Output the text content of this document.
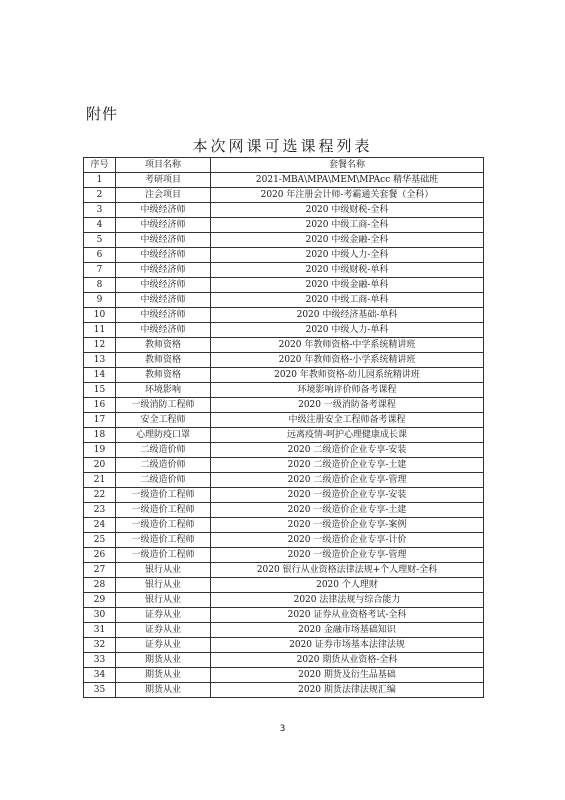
附件
本次网课可选课程列表
序号	项目名称	套餐名称
1	考研项目	2021-MBA\MPA\MEM\MPAcc 精华基础班
2	注会项目	2020 年注册会计师-考霸通关套餐（全科）
3	中级经济师	2020 中级财税-全科
4	中级经济师	2020 中级工商-全科
5	中级经济师	2020 中级金融-全科
6	中级经济师	2020 中级人力-全科
7	中级经济师	2020 中级财税-单科
8	中级经济师	2020 中级金融-单科
9	中级经济师	2020 中级工商-单科
10	中级经济师	2020 中级经济基础-单科
11	中级经济师	2020 中级人力-单科
12	教师资格	2020 年教师资格-中学系统精讲班
13	教师资格	2020 年教师资格-小学系统精讲班
14	教师资格	2020 年教师资格-幼儿园系统精讲班
15	环境影响	环境影响评价师备考课程
16	一级消防工程师	2020 一级消防备考课程
17	安全工程师	中级注册安全工程师备考课程
18	心理防疫口罩	远离疫情-呵护心理健康成长课
19	二级造价师	2020 二级造价企业专享-安装
20	二级造价师	2020 二级造价企业专享-土建
21	二级造价师	2020 二级造价企业专享-管理
22	一级造价工程师	2020 一级造价企业专享-安装
23	一级造价工程师	2020 一级造价企业专享-土建
24	一级造价工程师	2020 一级造价企业专享-案例
25	一级造价工程师	2020 一级造价企业专享-计价
26	一级造价工程师	2020 一级造价企业专享-管理
27	银行从业	2020 银行从业资格法律法规+个人理财-全科
28	银行从业	2020 个人理财
29	银行从业	2020 法律法规与综合能力
30	证券从业	2020 证券从业资格考试-全科
31	证券从业	2020 金融市场基础知识
32	证券从业	2020 证券市场基本法律法规
33	期货从业	2020 期货从业资格-全科
34	期货从业	2020 期货及衍生品基础
35	期货从业	2020 期货法律法规汇编
3
